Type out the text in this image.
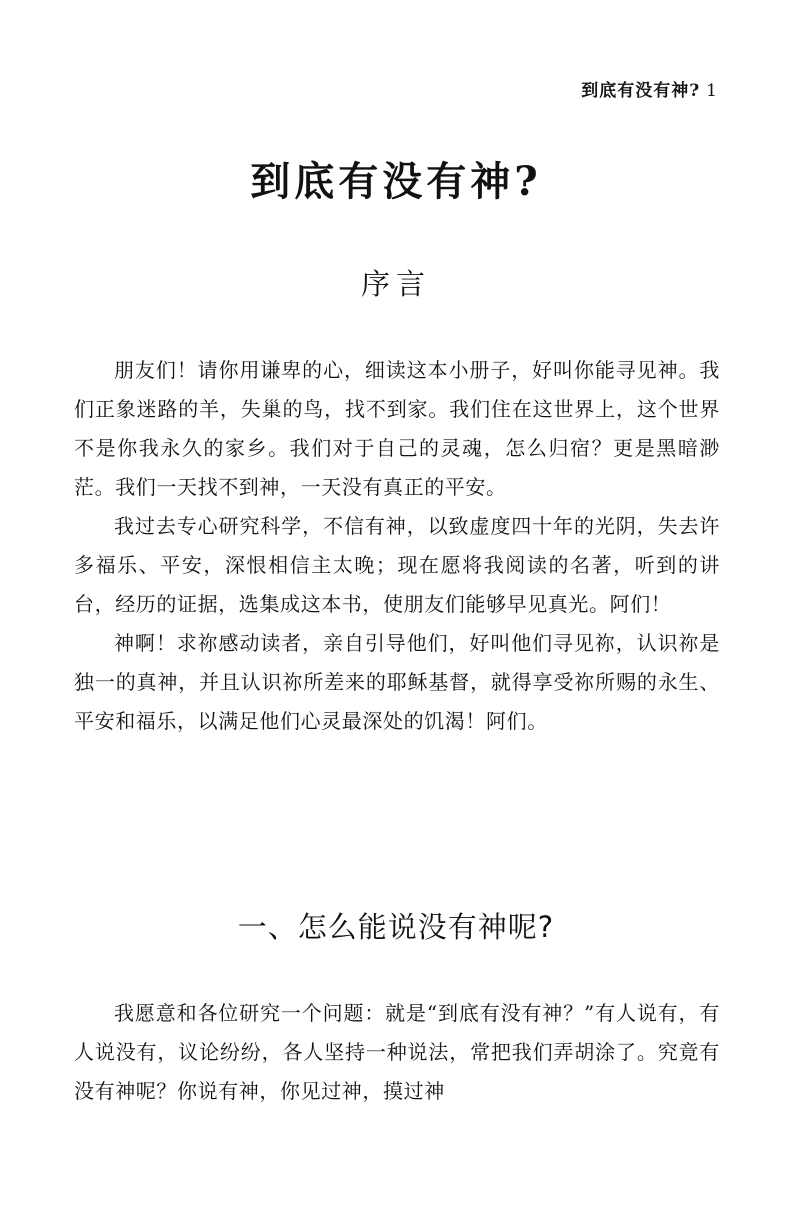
到底有没有神? 1
到底有没有神?
序言

朋友们！请你用谦卑的心，细读这本小册子，好叫你能寻见神。我们正象迷路的羊，失巢的鸟，找不到家。我们住在这世界上，这个世界不是你我永久的家乡。我们对于自己的灵魂，怎么归宿？更是黑暗渺茫。我们一天找不到神，一天没有真正的平安。

我过去专心研究科学，不信有神，以致虚度四十年的光阴，失去许多福乐、平安，深恨相信主太晚；现在愿将我阅读的名著，听到的讲台，经历的证据，选集成这本书，使朋友们能够早见真光。阿们！

神啊！求祢感动读者，亲自引导他们，好叫他们寻见祢，认识祢是独一的真神，并且认识祢所差来的耶稣基督，就得享受祢所赐的永生、平安和福乐，以满足他们心灵最深处的饥渴！阿们。

一、怎么能说没有神呢?

我愿意和各位研究一个问题：就是“到底有没有神？”有人说有，有人说没有，议论纷纷，各人坚持一种说法，常把我们弄胡涂了。究竟有没有神呢？你说有神，你见过神，摸过神
